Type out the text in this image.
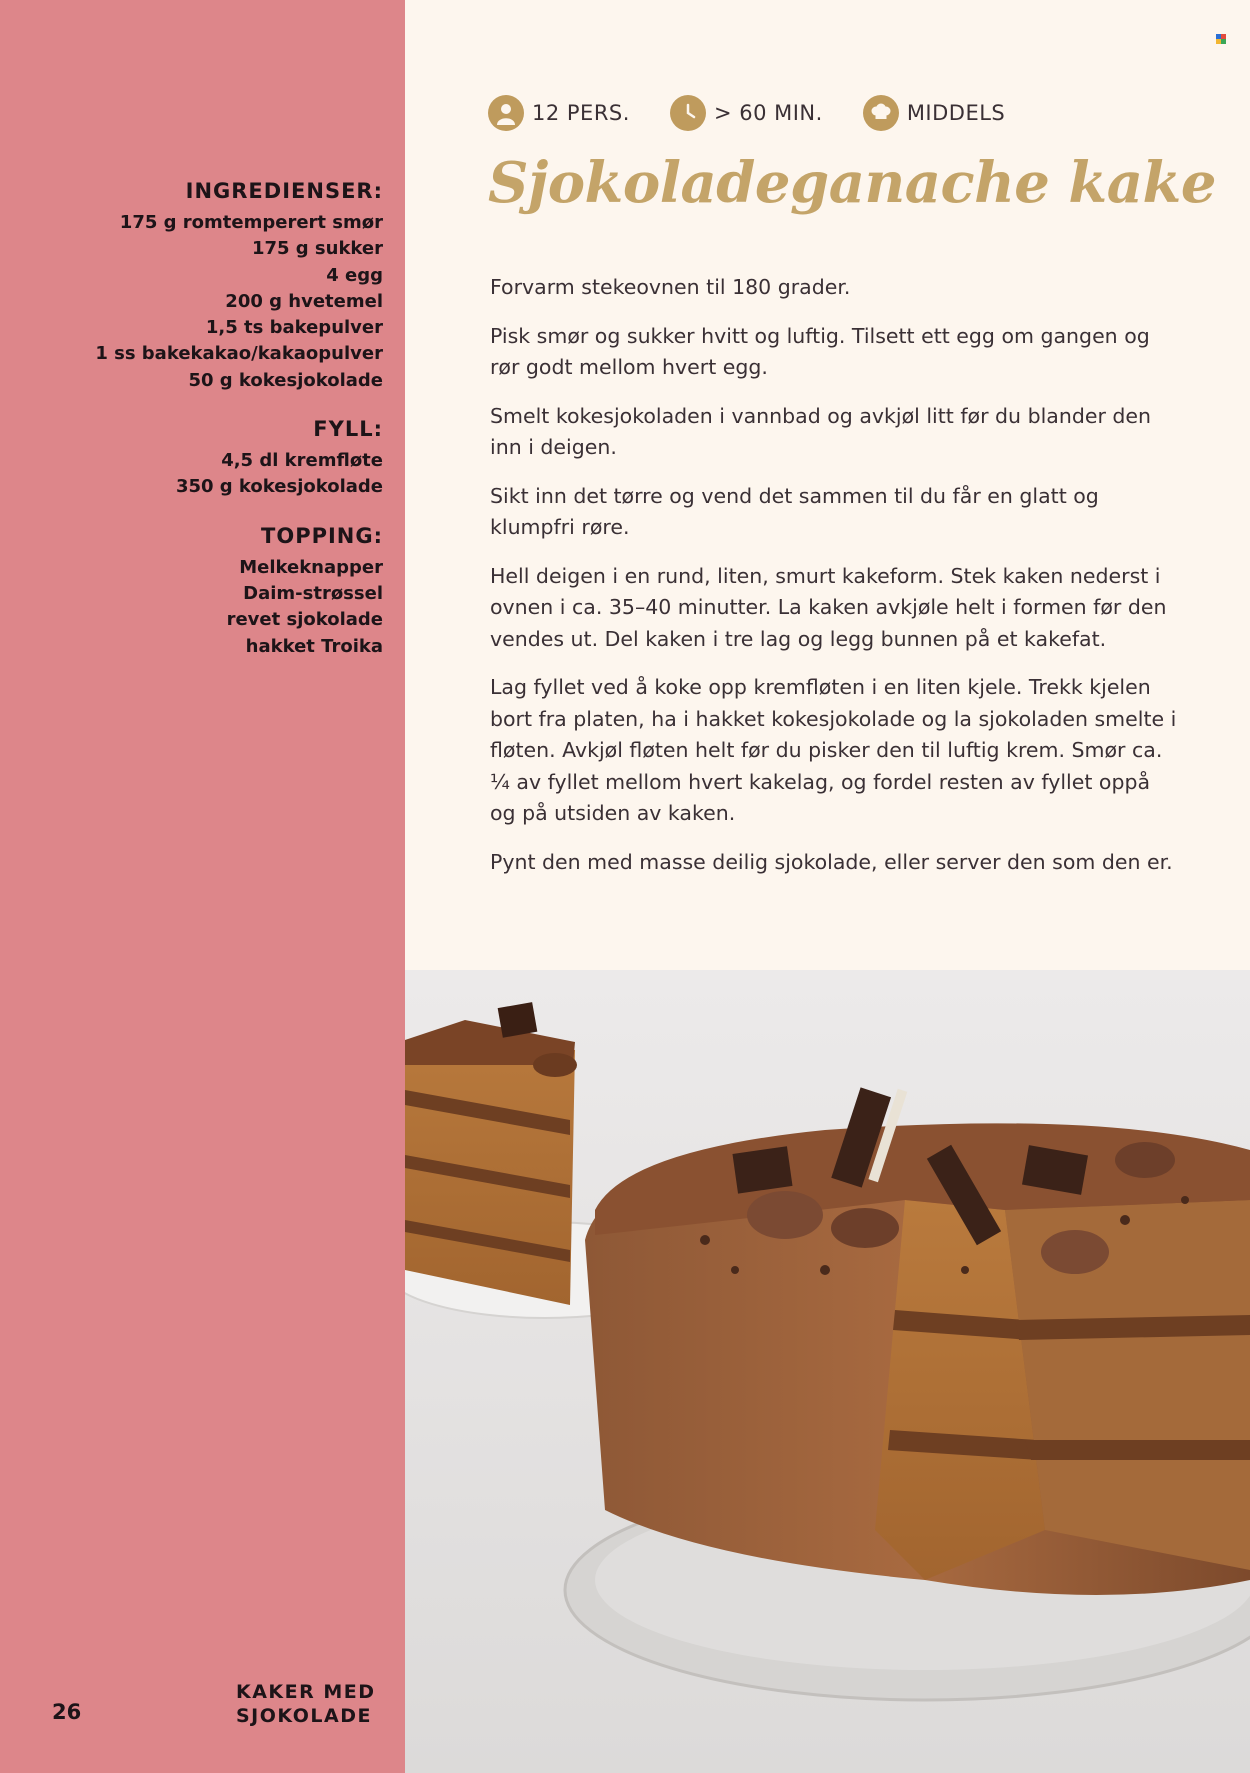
INGREDIENSER:
175 g romtemperert smør
175 g sukker
4 egg
200 g hvetemel
1,5 ts bakepulver
1 ss bakekakao/kakaopulver
50 g kokesjokolade
FYLL:
4,5 dl kremfløte
350 g kokesjokolade
TOPPING:
Melkeknapper
Daim-strøssel
revet sjokolade
hakket Troika
26
KAKER MED
SJOKOLADE
12 PERS.	> 60 MIN.	MIDDELS
Sjokoladeganache kake

Forvarm stekeovnen til 180 grader.

Pisk smør og sukker hvitt og luftig. Tilsett ett egg om gangen og rør godt mellom hvert egg.

Smelt kokesjokoladen i vannbad og avkjøl litt før du blander den inn i deigen.

Sikt inn det tørre og vend det sammen til du får en glatt og klumpfri røre.

Hell deigen i en rund, liten, smurt kakeform. Stek kaken nederst i ovnen i ca. 35–40 minutter. La kaken avkjøle helt i formen før den vendes ut. Del kaken i tre lag og legg bunnen på et kakefat.

Lag fyllet ved å koke opp kremfløten i en liten kjele. Trekk kjelen bort fra platen, ha i hakket kokesjokolade og la sjokoladen smelte i fløten. Avkjøl fløten helt før du pisker den til luftig krem. Smør ca. ¼ av fyllet mellom hvert kakelag, og fordel resten av fyllet oppå og på utsiden av kaken.

Pynt den med masse deilig sjokolade, eller server den som den er.
